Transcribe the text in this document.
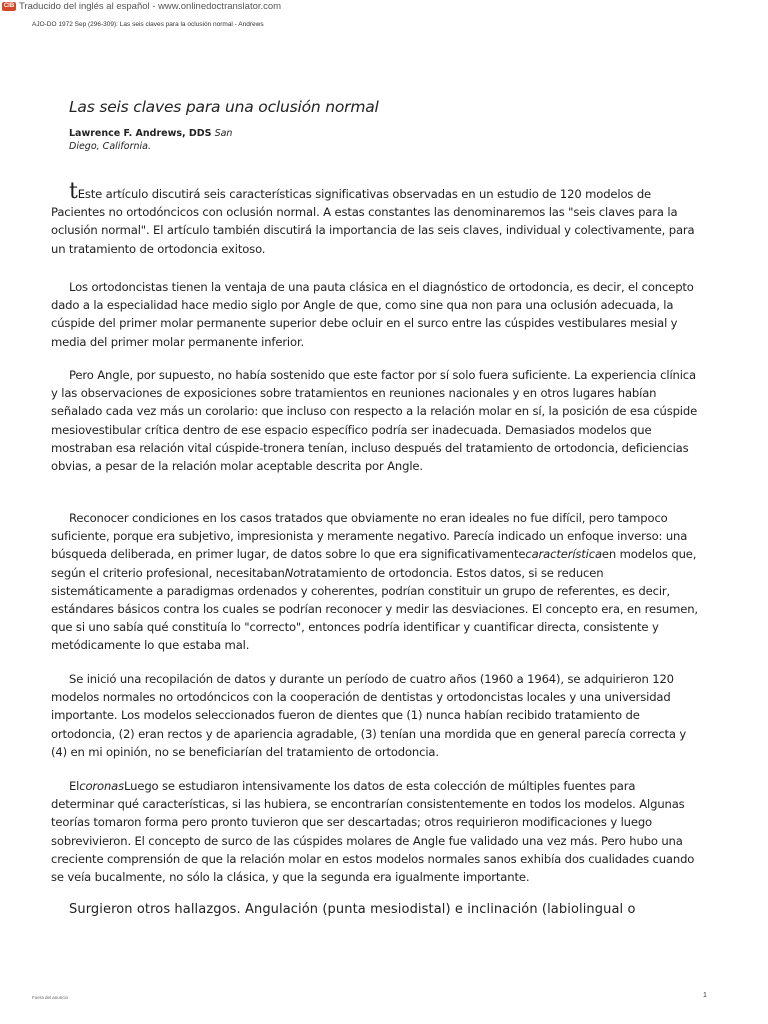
CIB Traducido del inglés al español - www.onlinedoctranslator.com
AJO-DO 1972 Sep (296-309): Las seis claves para la oclusión normal - Andrews
Las seis claves para una oclusión normal
Lawrence F. Andrews, DDS San Diego, California.

tEste artículo discutirá seis características significativas observadas en un estudio de 120 modelos de Pacientes no ortodóncicos con oclusión normal. A estas constantes las denominaremos las "seis claves para la oclusión normal". El artículo también discutirá la importancia de las seis claves, individual y colectivamente, para un tratamiento de ortodoncia exitoso.

Los ortodoncistas tienen la ventaja de una pauta clásica en el diagnóstico de ortodoncia, es decir, el concepto dado a la especialidad hace medio siglo por Angle de que, como sine qua non para una oclusión adecuada, la cúspide del primer molar permanente superior debe ocluir en el surco entre las cúspides vestibulares mesial y media del primer molar permanente inferior.

Pero Angle, por supuesto, no había sostenido que este factor por sí solo fuera suficiente. La experiencia clínica y las observaciones de exposiciones sobre tratamientos en reuniones nacionales y en otros lugares habían señalado cada vez más un corolario: que incluso con respecto a la relación molar en sí, la posición de esa cúspide mesiovestibular crítica dentro de ese espacio específico podría ser inadecuada. Demasiados modelos que mostraban esa relación vital cúspide-tronera tenían, incluso después del tratamiento de ortodoncia, deficiencias obvias, a pesar de la relación molar aceptable descrita por Angle.

Reconocer condiciones en los casos tratados que obviamente no eran ideales no fue difícil, pero tampoco suficiente, porque era subjetivo, impresionista y meramente negativo. Parecía indicado un enfoque inverso: una búsqueda deliberada, en primer lugar, de datos sobre lo que era significativamentecaracterísticaen modelos que, según el criterio profesional, necesitabanNotratamiento de ortodoncia. Estos datos, si se reducen sistemáticamente a paradigmas ordenados y coherentes, podrían constituir un grupo de referentes, es decir, estándares básicos contra los cuales se podrían reconocer y medir las desviaciones. El concepto era, en resumen, que si uno sabía qué constituía lo "correcto", entonces podría identificar y cuantificar directa, consistente y metódicamente lo que estaba mal.

Se inició una recopilación de datos y durante un período de cuatro años (1960 a 1964), se adquirieron 120 modelos normales no ortodóncicos con la cooperación de dentistas y ortodoncistas locales y una universidad importante. Los modelos seleccionados fueron de dientes que (1) nunca habían recibido tratamiento de ortodoncia, (2) eran rectos y de apariencia agradable, (3) tenían una mordida que en general parecía correcta y (4) en mi opinión, no se beneficiarían del tratamiento de ortodoncia.

ElcoronasLuego se estudiaron intensivamente los datos de esta colección de múltiples fuentes para determinar qué características, si las hubiera, se encontrarían consistentemente en todos los modelos. Algunas teorías tomaron forma pero pronto tuvieron que ser descartadas; otros requirieron modificaciones y luego sobrevivieron. El concepto de surco de las cúspides molares de Angle fue validado una vez más. Pero hubo una creciente comprensión de que la relación molar en estos modelos normales sanos exhibía dos cualidades cuando se veía bucalmente, no sólo la clásica, y que la segunda era igualmente importante.

Surgieron otros hallazgos. Angulación (punta mesiodistal) e inclinación (labiolingual o

Fuera del anuncio	1
